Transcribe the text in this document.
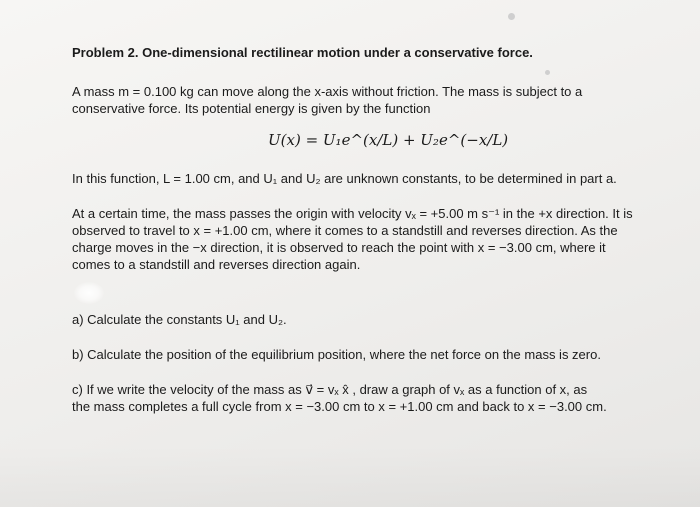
Problem 2. One-dimensional rectilinear motion under a conservative force.
A mass m = 0.100 kg can move along the x-axis without friction. The mass is subject to a
conservative force. Its potential energy is given by the function
U(x) = U₁e^(x/L) + U₂e^(−x/L)
In this function, L = 1.00 cm, and U₁ and U₂ are unknown constants, to be determined in part a.
At a certain time, the mass passes the origin with velocity vₓ = +5.00 m s⁻¹ in the +x direction. It is
observed to travel to x = +1.00 cm, where it comes to a standstill and reverses direction. As the
charge moves in the −x direction, it is observed to reach the point with x = −3.00 cm, where it
comes to a standstill and reverses direction again.
a) Calculate the constants U₁ and U₂.
b) Calculate the position of the equilibrium position, where the net force on the mass is zero.
c) If we write the velocity of the mass as v⃗ = vₓ x̂ , draw a graph of vₓ as a function of x, as
the mass completes a full cycle from x = −3.00 cm to x = +1.00 cm and back to x = −3.00 cm.
